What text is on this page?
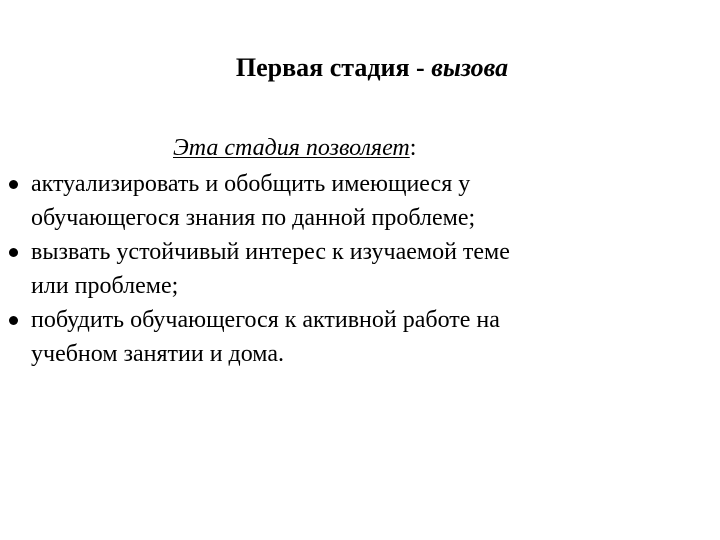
Первая стадия - вызова
Эта стадия позволяет:
актуализировать и обобщить имеющиеся у
обучающегося знания по данной проблеме;
вызвать устойчивый интерес к изучаемой теме
или проблеме;
побудить обучающегося к активной работе на
учебном занятии и дома.
